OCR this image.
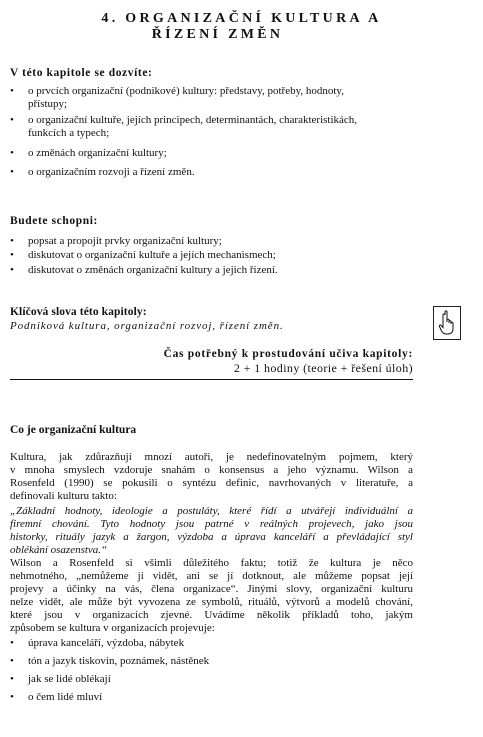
4. ORGANIZAČNÍ KULTURA A
ŘÍZENÍ ZMĚN
V této kapitole se dozvíte:
•	o prvcích organizační (podnikové) kultury: představy, potřeby, hodnoty,
přístupy;
•	o organizační kultuře, jejích principech, determinantách, charakteristikách,
funkcích a typech;
•	o změnách organizační kultury;
•	o organizačním rozvoji a řízení změn.
Budete schopni:
•	popsat a propojit prvky organizační kultury;
•	diskutovat o organizační kultuře a jejích mechanismech;
•	diskutovat o změnách organizační kultury a jejich řízení.
Klíčová slova této kapitoly:
Podniková kultura, organizační rozvoj, řízení změn.
Čas potřebný k prostudování učiva kapitoly:
2 + 1 hodiny (teorie + řešení úloh)
Co je organizační kultura
Kultura, jak zdůrazňují mnozí autoři, je nedefinovatelným pojmem, který
v mnoha smyslech vzdoruje snahám o konsensus a jeho významu. Wilson a
Rosenfeld (1990) se pokusili o syntézu definic, navrhovaných v literatuře, a
definovali kulturu takto:
„Základní hodnoty, ideologie a postuláty, které řídí a utvářejí individuální a
firemní chování. Tyto hodnoty jsou patrné v reálných projevech, jako jsou
historky, rituály jazyk a žargon, výzdoba a úprava kanceláří a převládající styl
oblékání osazenstva.“
Wilson a Rosenfeld si všimli důležitého faktu; totiž že kultura je něco
nehmotného, „nemůžeme ji vidět, ani se jí dotknout, ale můžeme popsat její
projevy a účinky na vás, člena organizace“. Jinými slovy, organizační kulturu
nelze vidět, ale může být vyvozena ze symbolů, rituálů, výtvorů a modelů chování,
které jsou v organizacích zjevné. Uvádíme několik příkladů toho, jakým
způsobem se kultura v organizacích projevuje:
•	úprava kanceláří, výzdoba, nábytek
•	tón a jazyk tiskovin, poznámek, nástěnek
•	jak se lidé oblékají
•	o čem lidé mluví
